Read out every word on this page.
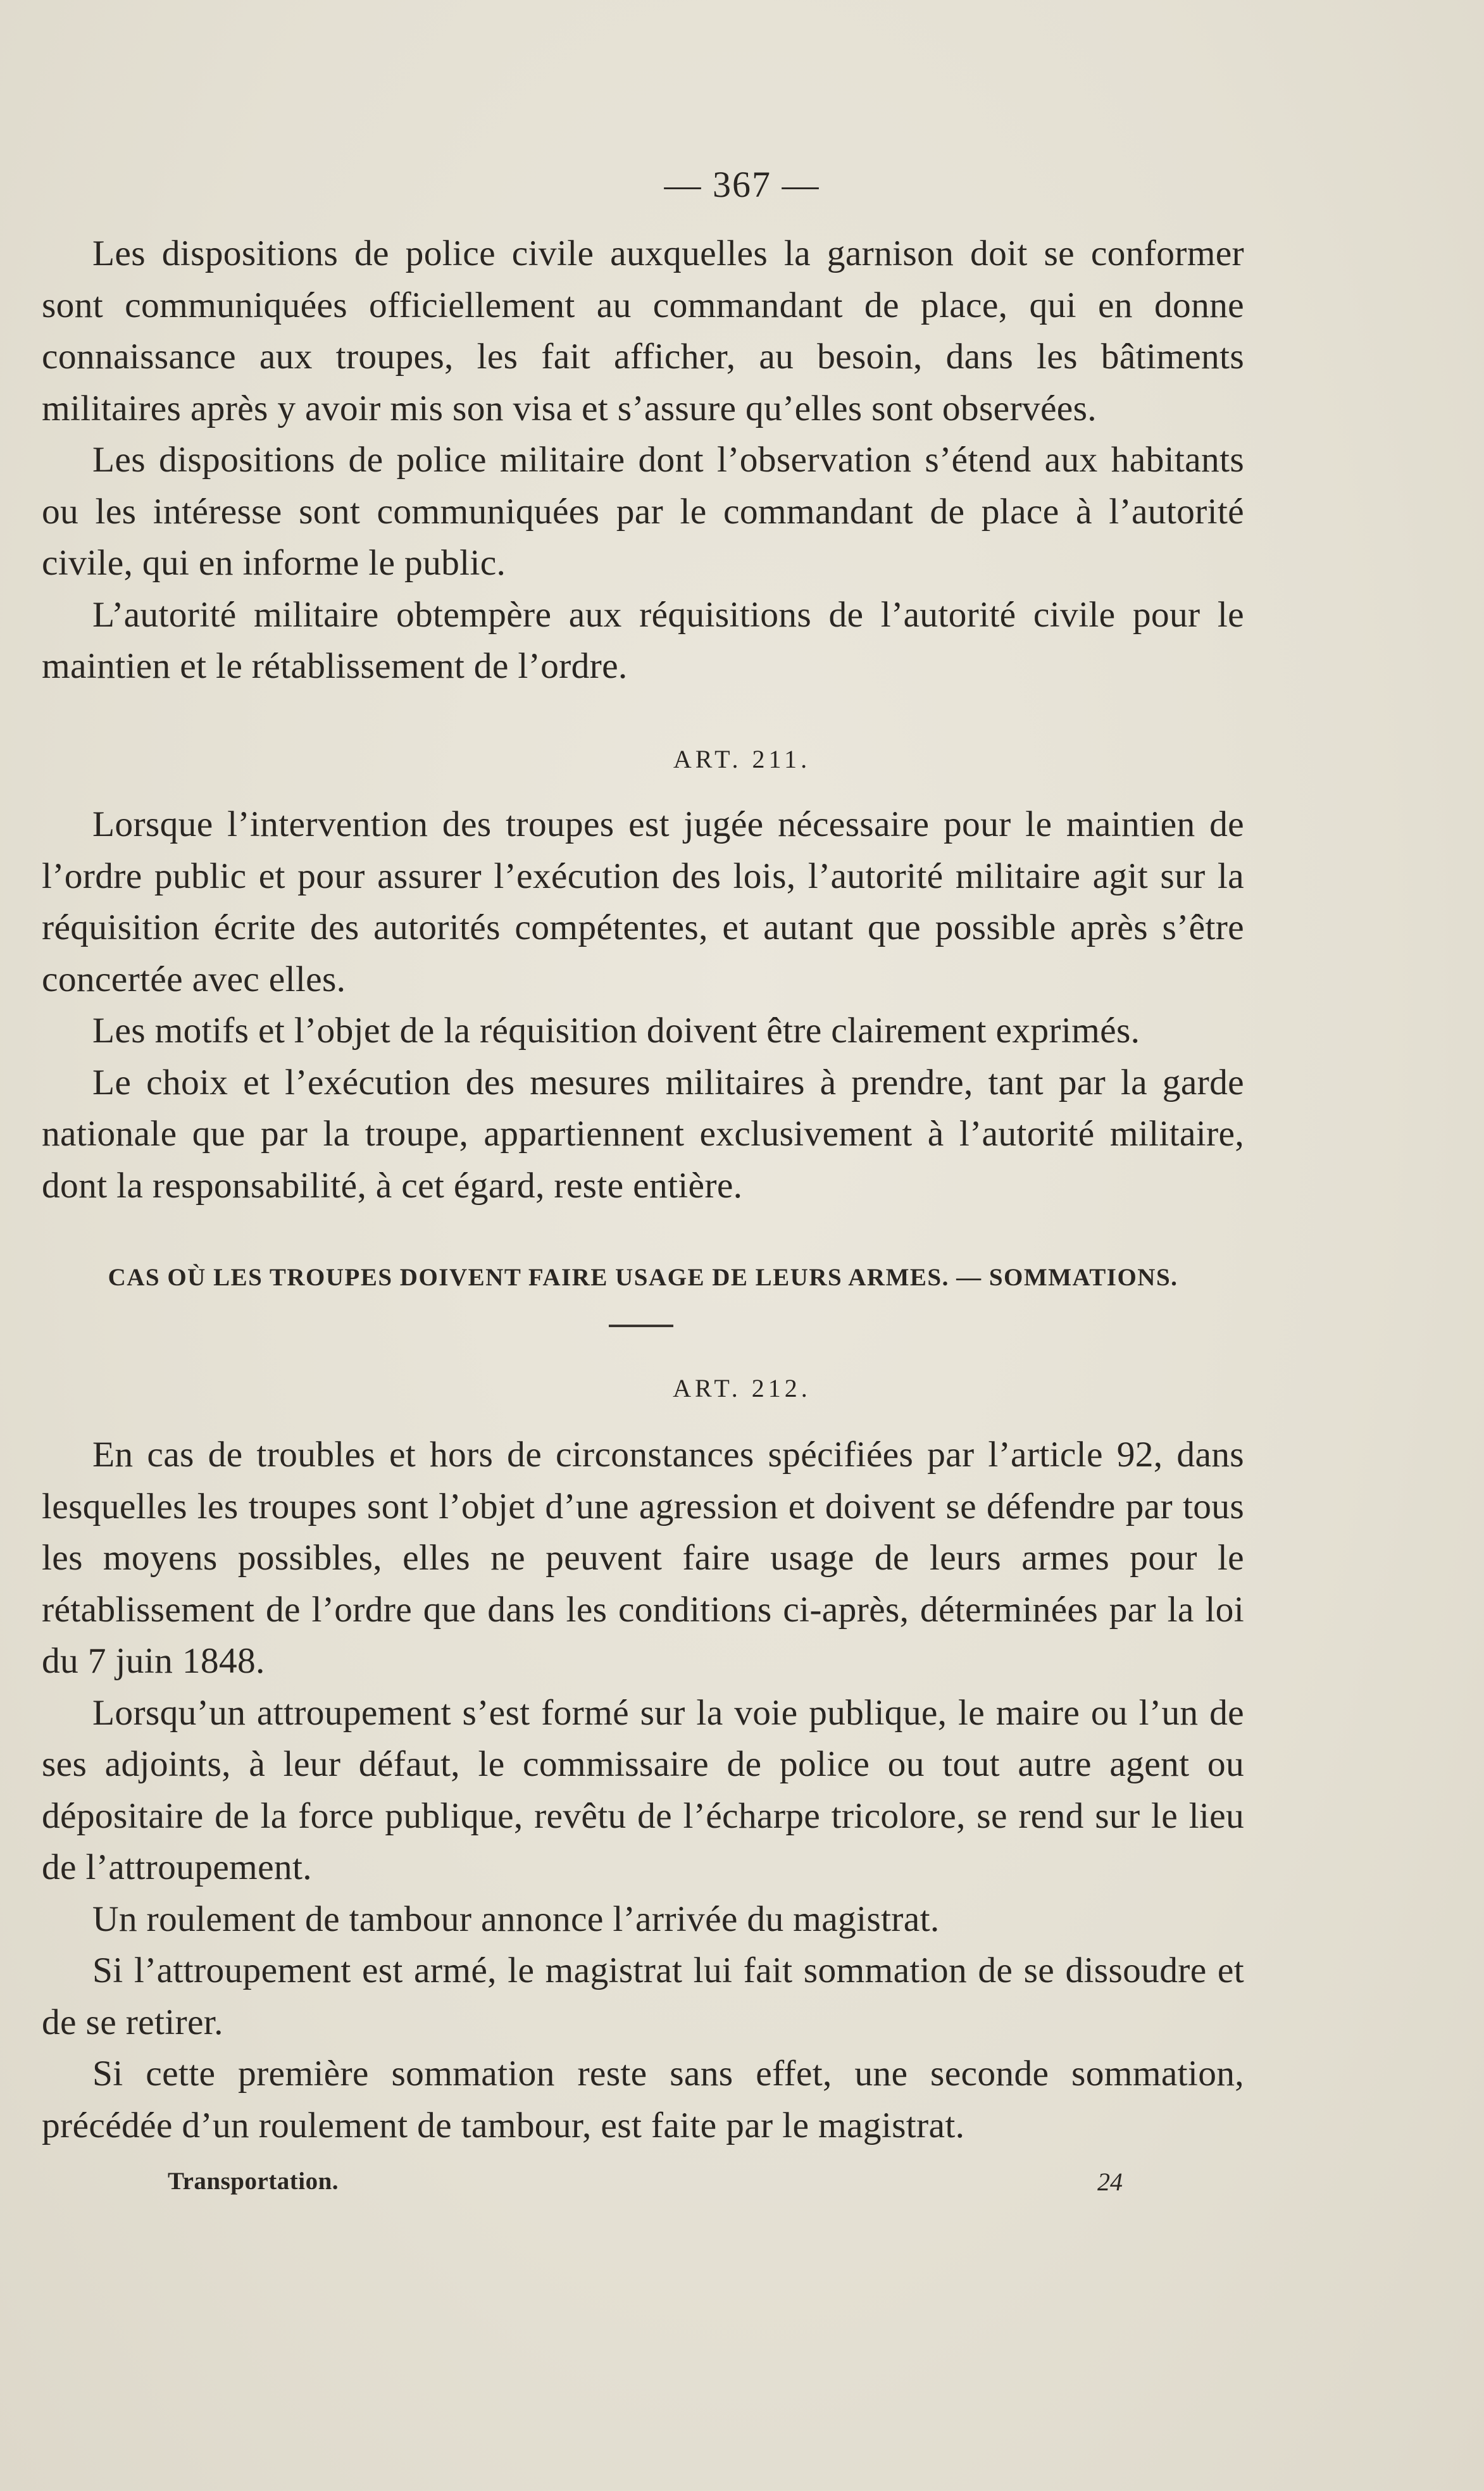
— 367 —

Les dispositions de police civile auxquelles la garnison doit se conformer sont communiquées officiellement au commandant de place, qui en donne connaissance aux troupes, les fait afficher, au besoin, dans les bâtiments militaires après y avoir mis son visa et s’assure qu’elles sont observées.

Les dispositions de police militaire dont l’observation s’étend aux habitants ou les intéresse sont communiquées par le commandant de place à l’autorité civile, qui en informe le public.

L’autorité militaire obtempère aux réquisitions de l’autorité civile pour le maintien et le rétablissement de l’ordre.

ART. 211.

Lorsque l’intervention des troupes est jugée nécessaire pour le maintien de l’ordre public et pour assurer l’exécution des lois, l’autorité militaire agit sur la réquisition écrite des autorités compétentes, et autant que possible après s’être concertée avec elles.

Les motifs et l’objet de la réquisition doivent être clairement exprimés.

Le choix et l’exécution des mesures militaires à prendre, tant par la garde nationale que par la troupe, appartiennent exclusivement à l’autorité militaire, dont la responsabilité, à cet égard, reste entière.

CAS OÙ LES TROUPES DOIVENT FAIRE USAGE DE LEURS ARMES. — SOMMATIONS.
ART. 212.

En cas de troubles et hors de circonstances spécifiées par l’article 92, dans lesquelles les troupes sont l’objet d’une agression et doivent se défendre par tous les moyens possibles, elles ne peuvent faire usage de leurs armes pour le rétablissement de l’ordre que dans les conditions ci-après, déterminées par la loi du 7 juin 1848.

Lorsqu’un attroupement s’est formé sur la voie publique, le maire ou l’un de ses adjoints, à leur défaut, le commissaire de police ou tout autre agent ou dépositaire de la force publique, revêtu de l’écharpe tricolore, se rend sur le lieu de l’attroupement.

Un roulement de tambour annonce l’arrivée du magistrat.

Si l’attroupement est armé, le magistrat lui fait sommation de se dissoudre et de se retirer.

Si cette première sommation reste sans effet, une seconde sommation, précédée d’un roulement de tambour, est faite par le magistrat.

Transportation.	24
